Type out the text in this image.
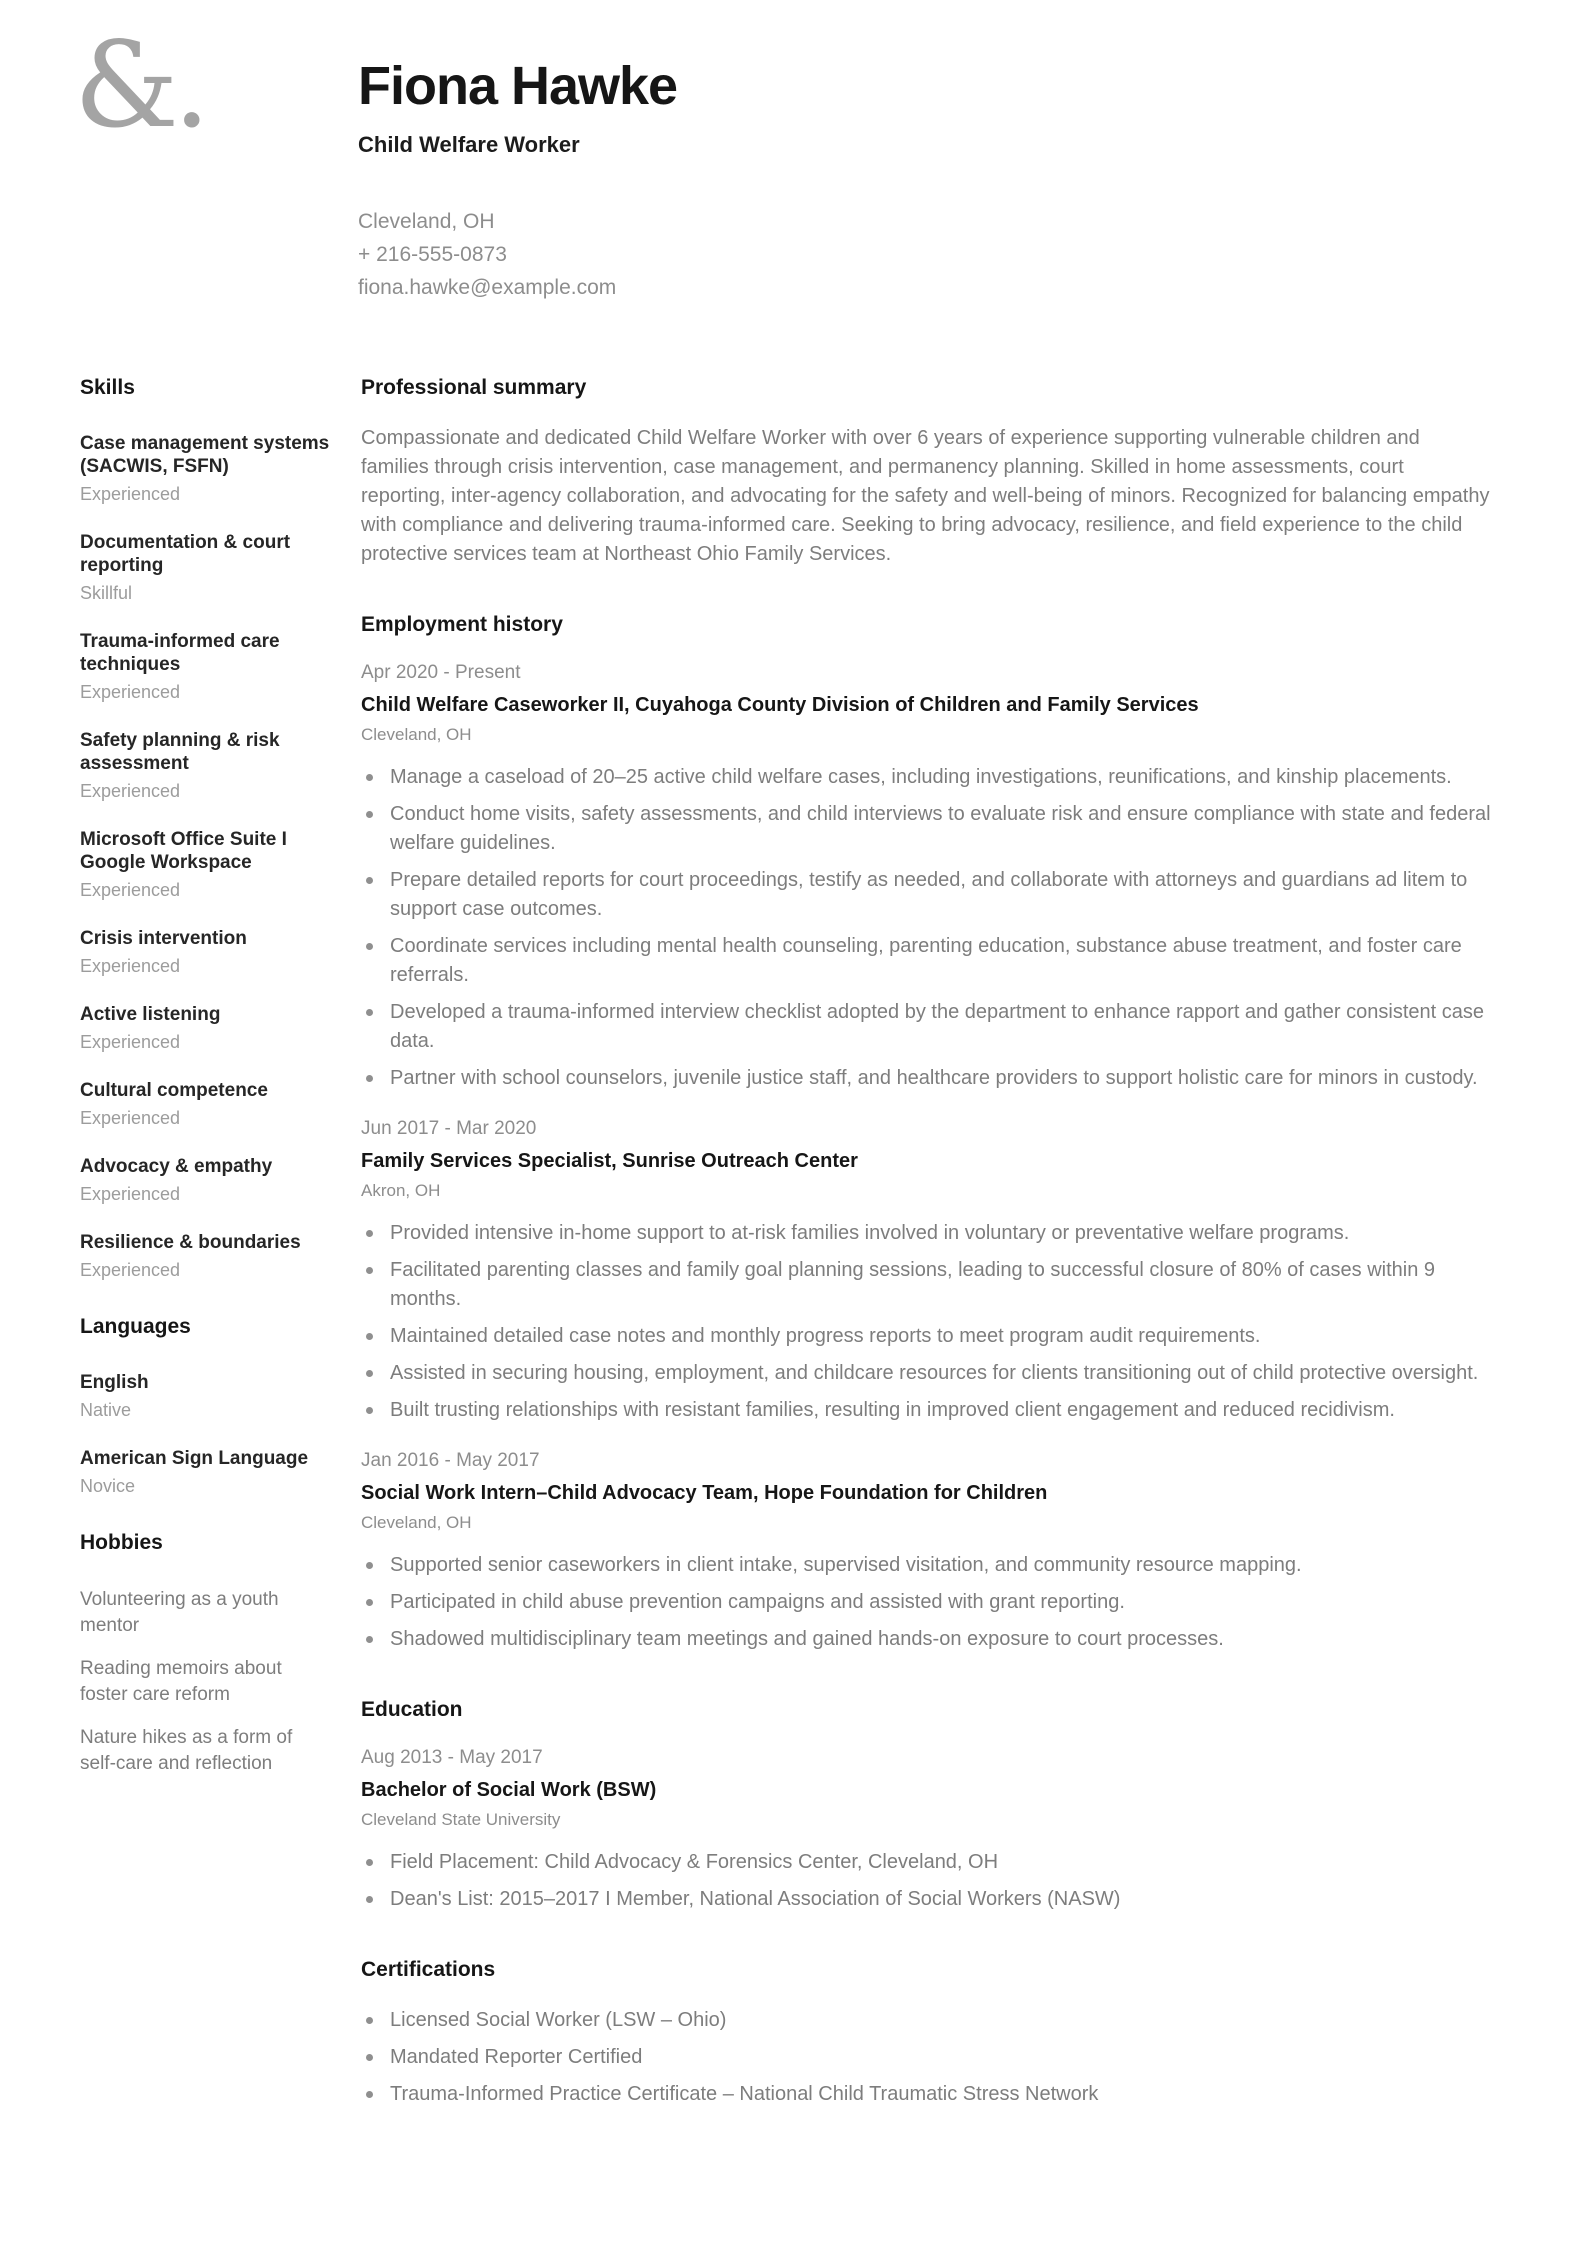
&.	Fiona Hawke
Child Welfare Worker
Cleveland, OH
+ 216-555-0873
fiona.hawke@example.com
Skills
Case management systems (SACWIS, FSFN)
Experienced
Documentation & court reporting
Skillful
Trauma-informed care techniques
Experienced
Safety planning & risk assessment
Experienced
Microsoft Office Suite I Google Workspace
Experienced
Crisis intervention
Experienced
Active listening
Experienced
Cultural competence
Experienced
Advocacy & empathy
Experienced
Resilience & boundaries
Experienced
Languages
English
Native
American Sign Language
Novice
Hobbies
Volunteering as a youth mentor
Reading memoirs about foster care reform
Nature hikes as a form of self-care and reflection
Professional summary

Compassionate and dedicated Child Welfare Worker with over 6 years of experience supporting vulnerable children and families through crisis intervention, case management, and permanency planning. Skilled in home assessments, court reporting, inter-agency collaboration, and advocating for the safety and well-being of minors. Recognized for balancing empathy with compliance and delivering trauma-informed care. Seeking to bring advocacy, resilience, and field experience to the child protective services team at Northeast Ohio Family Services.

Employment history
Apr 2020 - Present
Child Welfare Caseworker II, Cuyahoga County Division of Children and Family Services
Cleveland, OH
Manage a caseload of 20–25 active child welfare cases, including investigations, reunifications, and kinship placements.
Conduct home visits, safety assessments, and child interviews to evaluate risk and ensure compliance with state and federal welfare guidelines.
Prepare detailed reports for court proceedings, testify as needed, and collaborate with attorneys and guardians ad litem to support case outcomes.
Coordinate services including mental health counseling, parenting education, substance abuse treatment, and foster care referrals.
Developed a trauma-informed interview checklist adopted by the department to enhance rapport and gather consistent case data.
Partner with school counselors, juvenile justice staff, and healthcare providers to support holistic care for minors in custody.
Jun 2017 - Mar 2020
Family Services Specialist, Sunrise Outreach Center
Akron, OH
Provided intensive in-home support to at-risk families involved in voluntary or preventative welfare programs.
Facilitated parenting classes and family goal planning sessions, leading to successful closure of 80% of cases within 9 months.
Maintained detailed case notes and monthly progress reports to meet program audit requirements.
Assisted in securing housing, employment, and childcare resources for clients transitioning out of child protective oversight.
Built trusting relationships with resistant families, resulting in improved client engagement and reduced recidivism.
Jan 2016 - May 2017
Social Work Intern–Child Advocacy Team, Hope Foundation for Children
Cleveland, OH
Supported senior caseworkers in client intake, supervised visitation, and community resource mapping.
Participated in child abuse prevention campaigns and assisted with grant reporting.
Shadowed multidisciplinary team meetings and gained hands-on exposure to court processes.
Education
Aug 2013 - May 2017
Bachelor of Social Work (BSW)
Cleveland State University
Field Placement: Child Advocacy & Forensics Center, Cleveland, OH
Dean's List: 2015–2017 I Member, National Association of Social Workers (NASW)
Certifications
Licensed Social Worker (LSW – Ohio)
Mandated Reporter Certified
Trauma-Informed Practice Certificate – National Child Traumatic Stress Network
